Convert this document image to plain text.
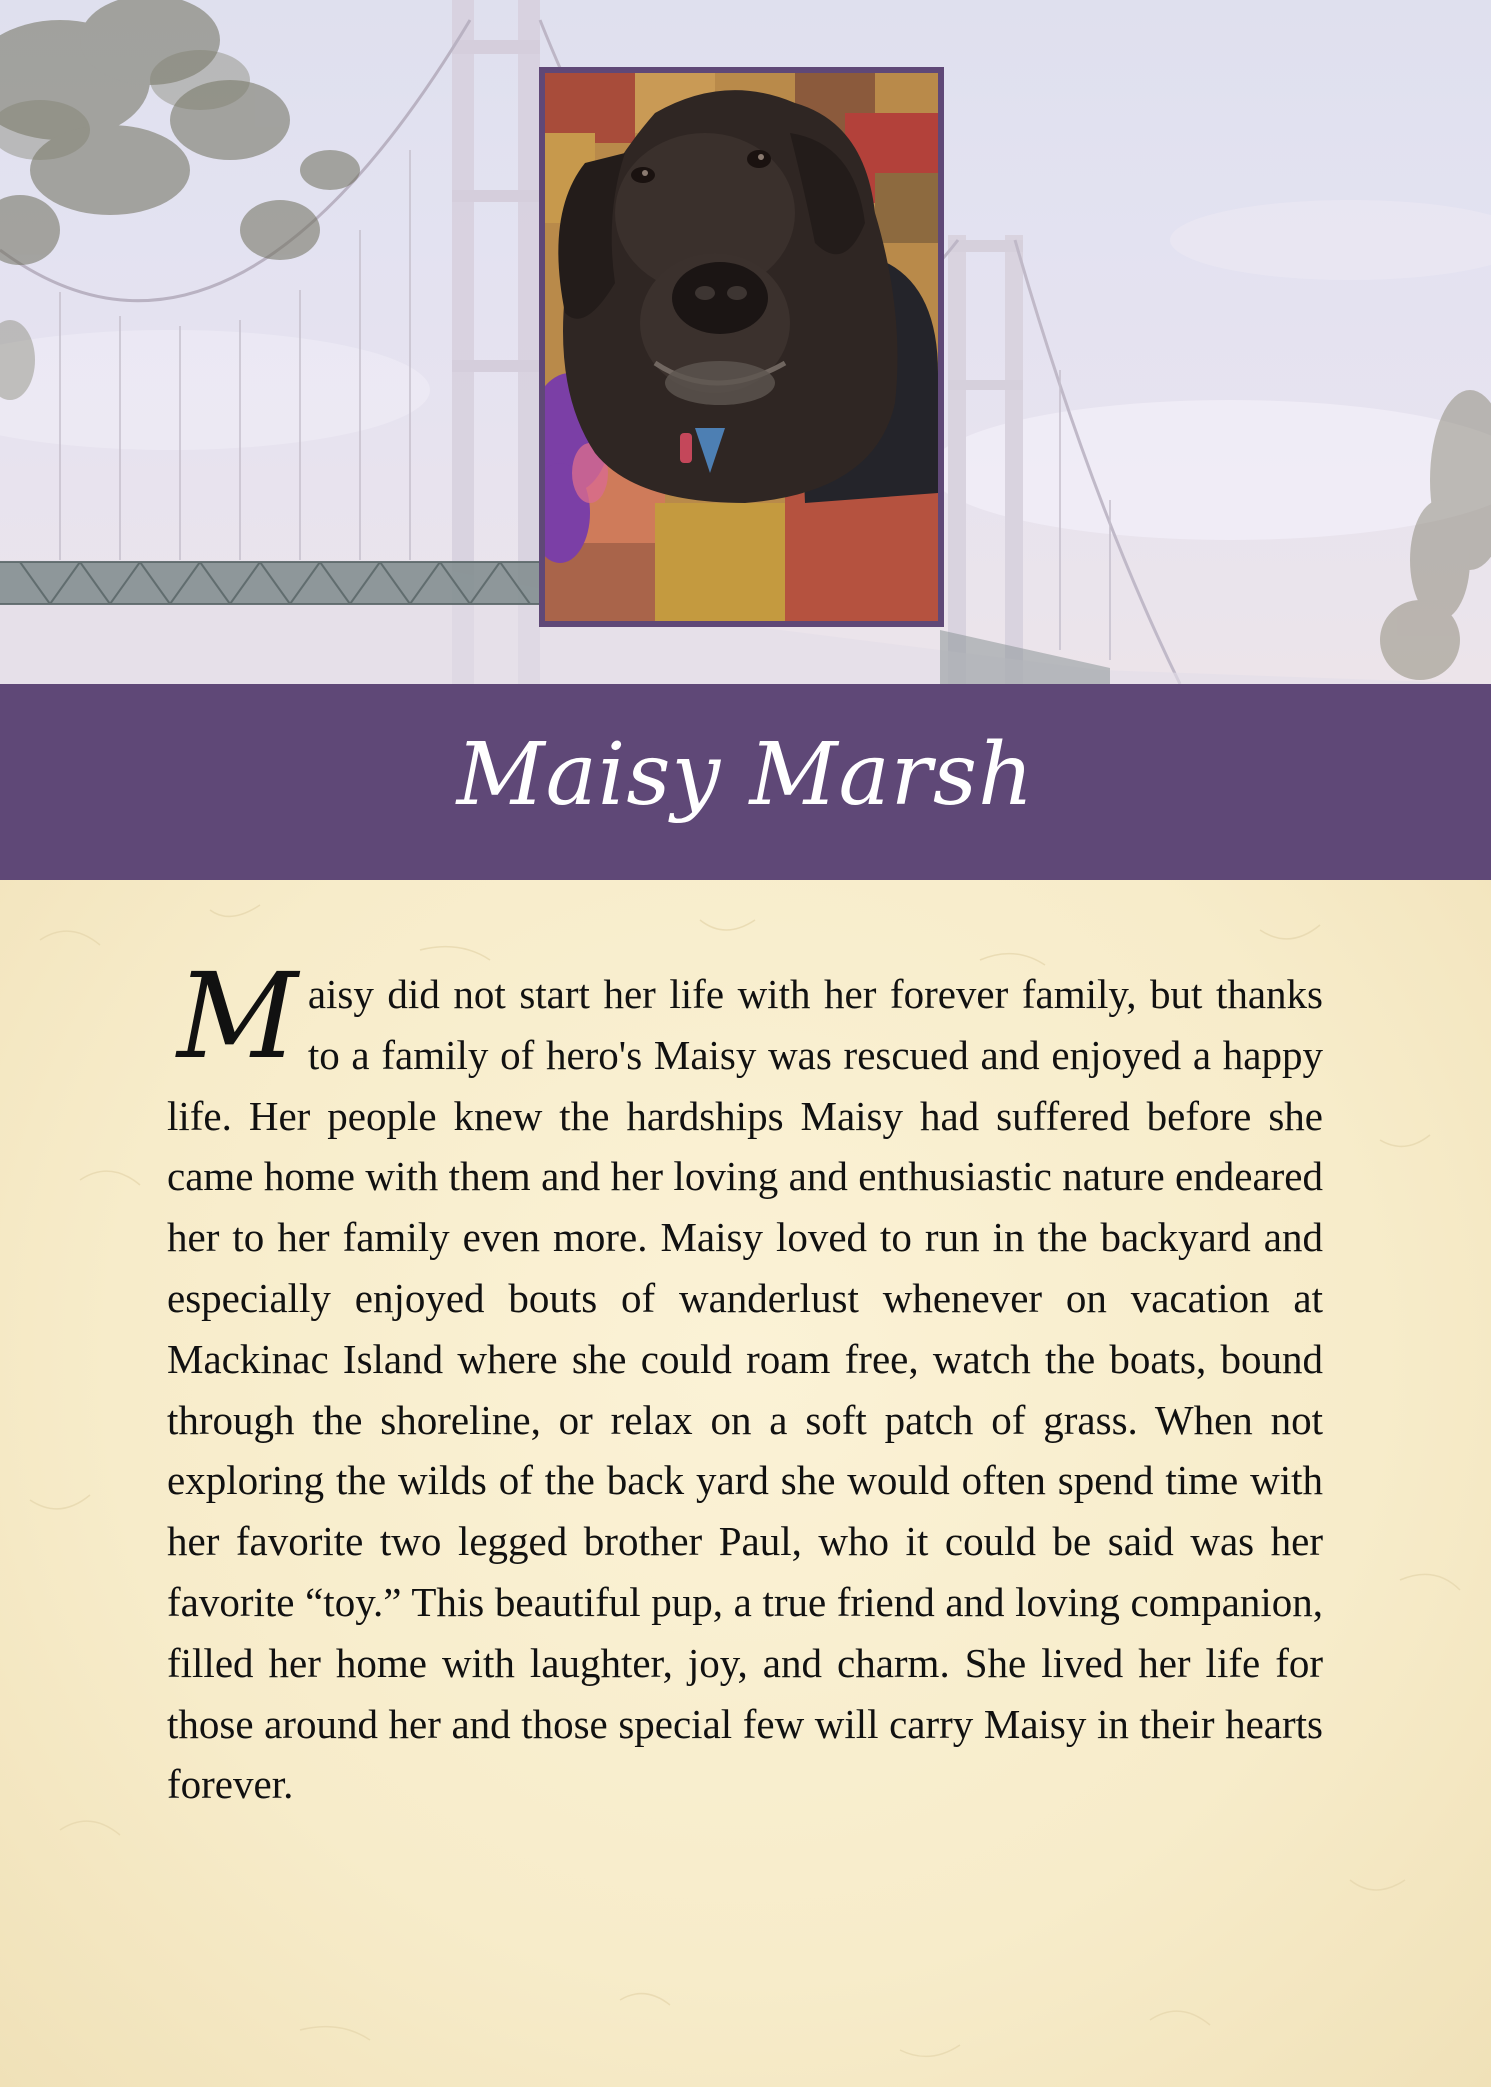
Maisy Marsh
Maisy did not start her life with her forever family, but thanks to a family of hero's Maisy was rescued and enjoyed a happy life. Her people knew the hardships Maisy had suffered before she came home with them and her loving and enthusiastic nature endeared her to her family even more. Maisy loved to run in the backyard and especially enjoyed bouts of wanderlust whenever on vacation at Mackinac Island where she could roam free, watch the boats, bound through the shoreline, or relax on a soft patch of grass. When not exploring the wilds of the back yard she would often spend time with her favorite two legged brother Paul, who it could be said was her favorite “toy.” This beautiful pup, a true friend and loving companion, filled her home with laughter, joy, and charm. She lived her life for those around her and those special few will carry Maisy in their hearts forever.
